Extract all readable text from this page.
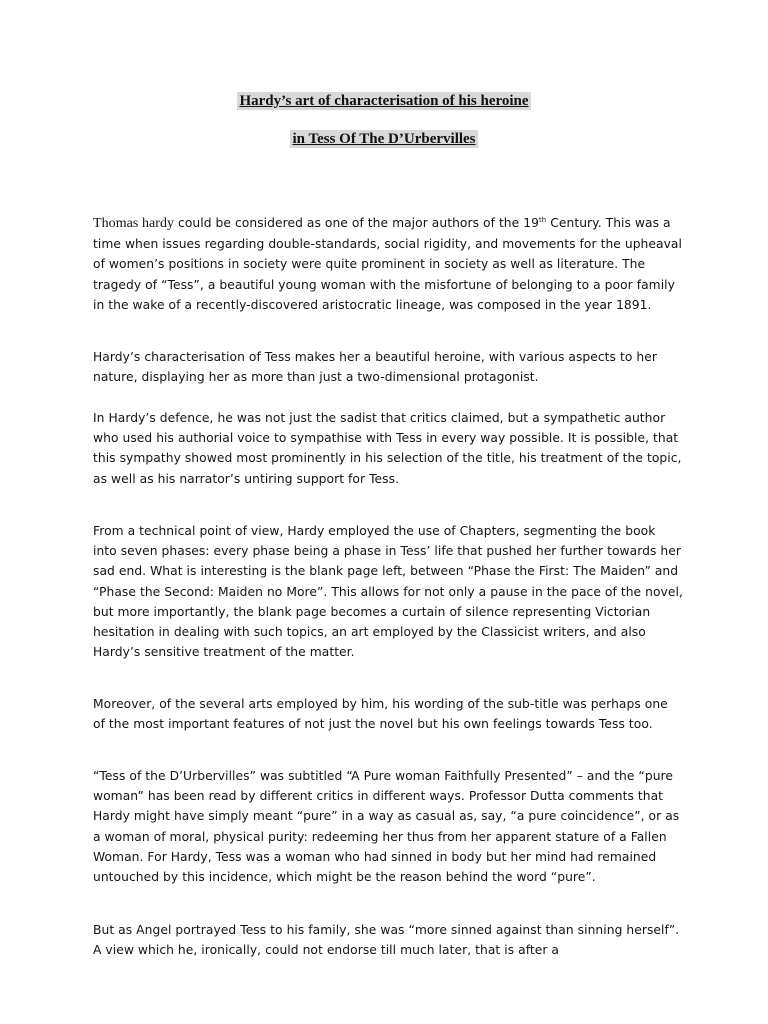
Hardy’s art of characterisation of his heroine
in Tess Of The D’Urbervilles

Thomas hardy could be considered as one of the major authors of the 19th Century. This was a time when issues regarding double-standards, social rigidity, and movements for the upheaval of women’s positions in society were quite prominent in society as well as literature. The tragedy of “Tess”, a beautiful young woman with the misfortune of belonging to a poor family in the wake of a recently-discovered aristocratic lineage, was composed in the year 1891.

Hardy’s characterisation of Tess makes her a beautiful heroine, with various aspects to her nature, displaying her as more than just a two-dimensional protagonist.

In Hardy’s defence, he was not just the sadist that critics claimed, but a sympathetic author who used his authorial voice to sympathise with Tess in every way possible. It is possible, that this sympathy showed most prominently in his selection of the title, his treatment of the topic, as well as his narrator’s untiring support for Tess.

From a technical point of view, Hardy employed the use of Chapters, segmenting the book into seven phases: every phase being a phase in Tess’ life that pushed her further towards her sad end. What is interesting is the blank page left, between “Phase the First: The Maiden” and “Phase the Second: Maiden no More”. This allows for not only a pause in the pace of the novel, but more importantly, the blank page becomes a curtain of silence representing Victorian hesitation in dealing with such topics, an art employed by the Classicist writers, and also Hardy’s sensitive treatment of the matter.

Moreover, of the several arts employed by him, his wording of the sub-title was perhaps one of the most important features of not just the novel but his own feelings towards Tess too.

“Tess of the D’Urbervilles” was subtitled “A Pure woman Faithfully Presented” – and the “pure woman” has been read by different critics in different ways. Professor Dutta comments that Hardy might have simply meant “pure” in a way as casual as, say, “a pure coincidence”, or as a woman of moral, physical purity: redeeming her thus from her apparent stature of a Fallen Woman. For Hardy, Tess was a woman who had sinned in body but her mind had remained untouched by this incidence, which might be the reason behind the word “pure”.

But as Angel portrayed Tess to his family, she was “more sinned against than sinning herself”. A view which he, ironically, could not endorse till much later, that is after a
